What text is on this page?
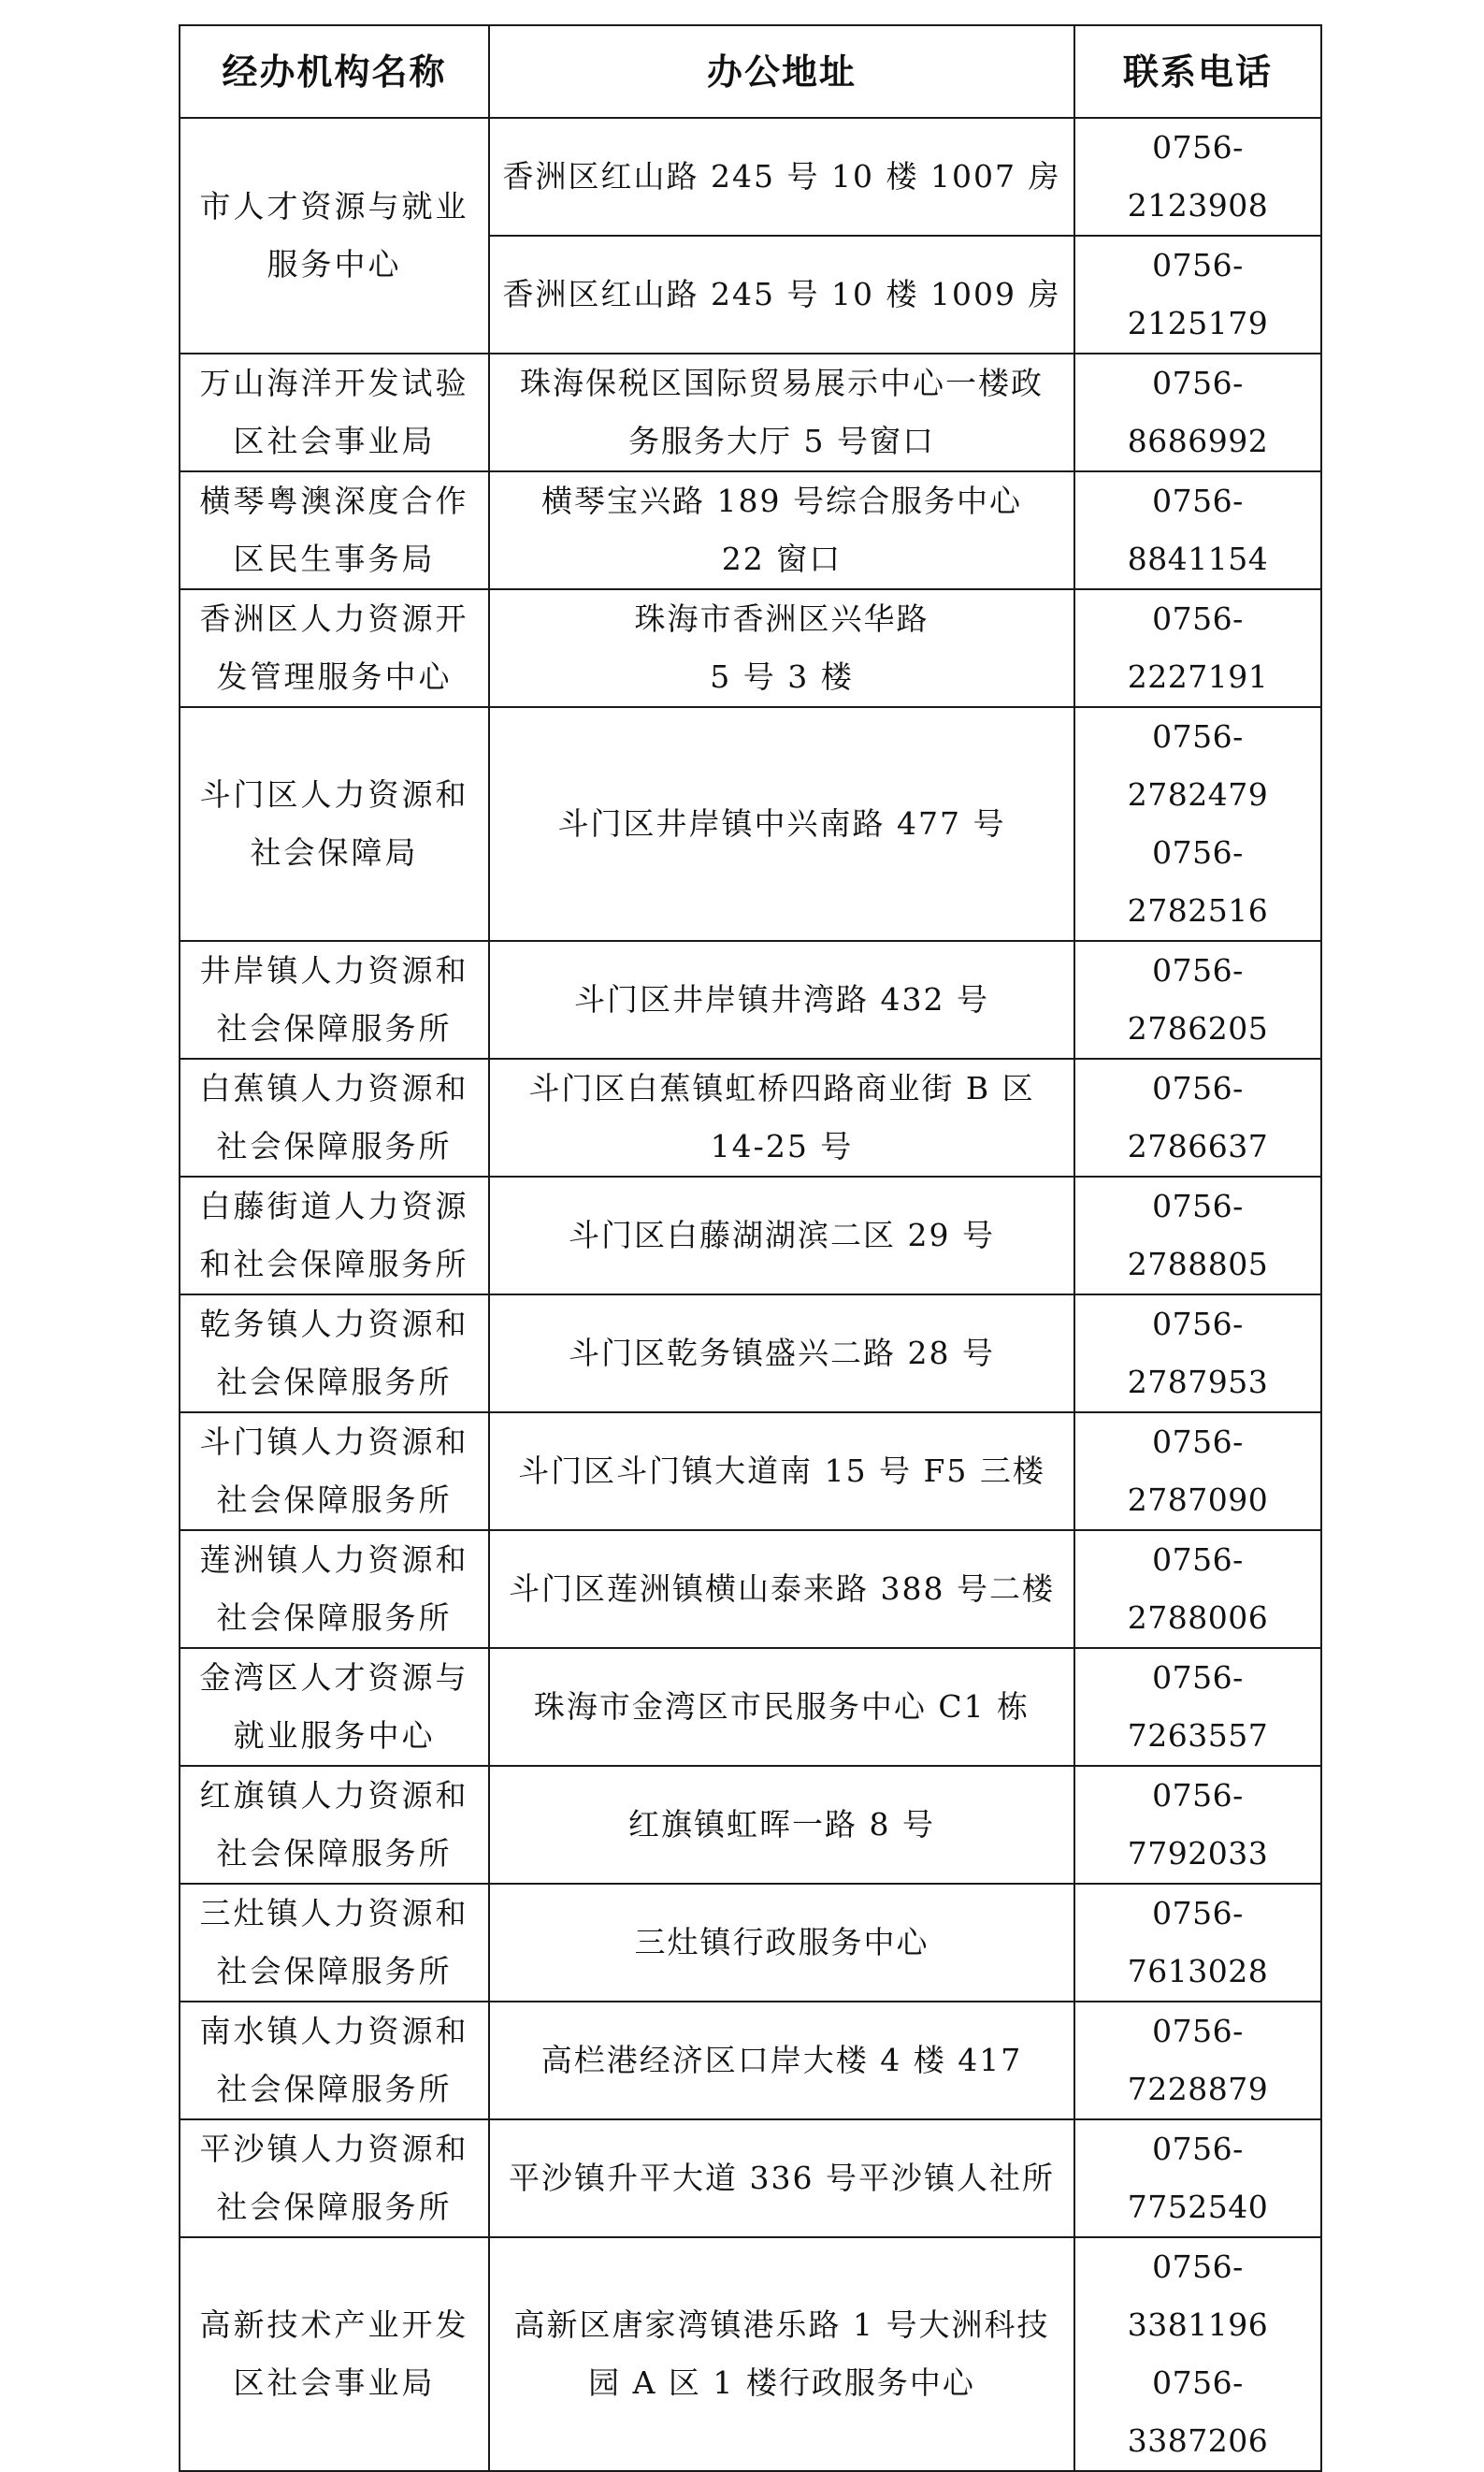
经办机构名称	办公地址	联系电话

市人才资源与就业
服务中心	香洲区红山路 245 号 10 楼 1007 房	0756-2123908

	香洲区红山路 245 号 10 楼 1009 房	0756-2125179

万山海洋开发试验
区社会事业局	珠海保税区国际贸易展示中心一楼政
务服务大厅 5 号窗口	0756-8686992

横琴粤澳深度合作
区民生事务局	横琴宝兴路 189 号综合服务中心
22 窗口	0756-8841154

香洲区人力资源开
发管理服务中心	珠海市香洲区兴华路
5 号 3 楼	0756-2227191

斗门区人力资源和
社会保障局	斗门区井岸镇中兴南路 477 号	0756-2782479
0756-2782516

井岸镇人力资源和
社会保障服务所	斗门区井岸镇井湾路 432 号	0756-2786205

白蕉镇人力资源和
社会保障服务所	斗门区白蕉镇虹桥四路商业街 B 区
14-25 号	0756-2786637

白藤街道人力资源
和社会保障服务所	斗门区白藤湖湖滨二区 29 号	0756-2788805

乾务镇人力资源和
社会保障服务所	斗门区乾务镇盛兴二路 28 号	0756-2787953

斗门镇人力资源和
社会保障服务所	斗门区斗门镇大道南 15 号 F5 三楼	0756-2787090

莲洲镇人力资源和
社会保障服务所	斗门区莲洲镇横山泰来路 388 号二楼	0756-2788006

金湾区人才资源与
就业服务中心	珠海市金湾区市民服务中心 C1 栋	0756-7263557

红旗镇人力资源和
社会保障服务所	红旗镇虹晖一路 8 号	0756-7792033

三灶镇人力资源和
社会保障服务所	三灶镇行政服务中心	0756-7613028

南水镇人力资源和
社会保障服务所	高栏港经济区口岸大楼 4 楼 417	0756-7228879

平沙镇人力资源和
社会保障服务所	平沙镇升平大道 336 号平沙镇人社所	0756-7752540

高新技术产业开发
区社会事业局	高新区唐家湾镇港乐路 1 号大洲科技
园 A 区 1 楼行政服务中心	0756-3381196
0756-3387206
